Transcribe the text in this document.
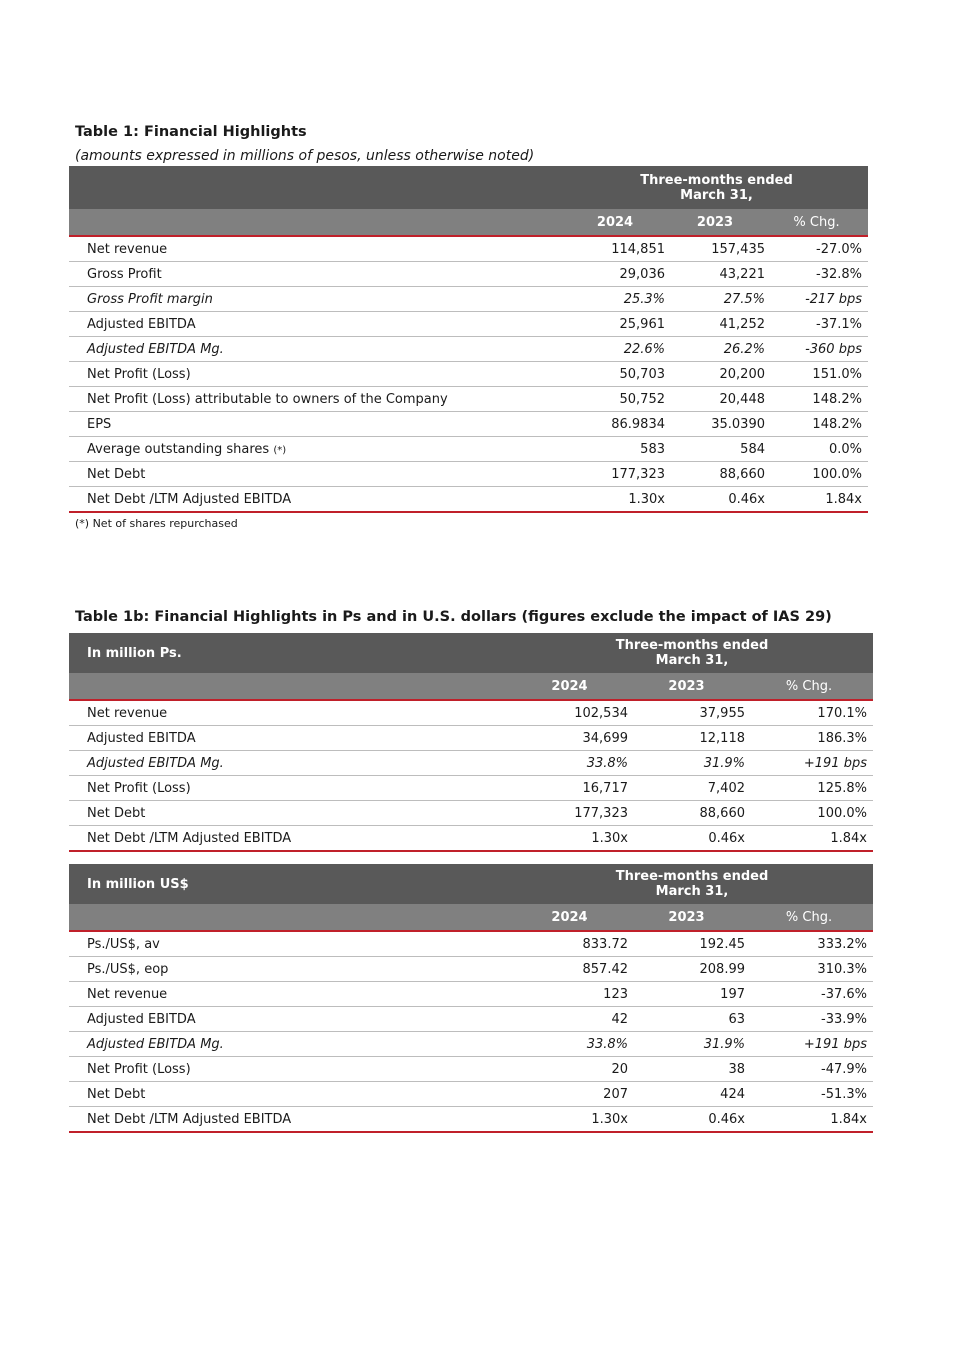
Table 1: Financial Highlights
(amounts expressed in millions of pesos, unless otherwise noted)

	Three-months ended
March 31,		

	2024	2023	% Chg.
Net revenue	114,851	157,435	-27.0%
Gross Profit	29,036	43,221	-32.8%
Gross Profit margin	25.3%	27.5%	-217 bps
Adjusted EBITDA	25,961	41,252	-37.1%
Adjusted EBITDA Mg.	22.6%	26.2%	-360 bps
Net Profit (Loss)	50,703	20,200	151.0%
Net Profit (Loss) attributable to owners of the Company	50,752	20,448	148.2%
EPS	86.9834	35.0390	148.2%
Average outstanding shares (*)	583	584	0.0%
Net Debt	177,323	88,660	100.0%
Net Debt /LTM Adjusted EBITDA	1.30x	0.46x	1.84x
(*) Net of shares repurchased
Table 1b: Financial Highlights in Ps and in U.S. dollars (figures exclude the impact of IAS 29)
In million Ps.	Three-months ended
March 31,		

	2024	2023	% Chg.
Net revenue	102,534	37,955	170.1%
Adjusted EBITDA	34,699	12,118	186.3%
Adjusted EBITDA Mg.	33.8%	31.9%	+191 bps
Net Profit (Loss)	16,717	7,402	125.8%
Net Debt	177,323	88,660	100.0%
Net Debt /LTM Adjusted EBITDA	1.30x	0.46x	1.84x
In million US$	Three-months ended
March 31,		

	2024	2023	% Chg.
Ps./US$, av	833.72	192.45	333.2%
Ps./US$, eop	857.42	208.99	310.3%
Net revenue	123	197	-37.6%
Adjusted EBITDA	42	63	-33.9%
Adjusted EBITDA Mg.	33.8%	31.9%	+191 bps
Net Profit (Loss)	20	38	-47.9%
Net Debt	207	424	-51.3%
Net Debt /LTM Adjusted EBITDA	1.30x	0.46x	1.84x
